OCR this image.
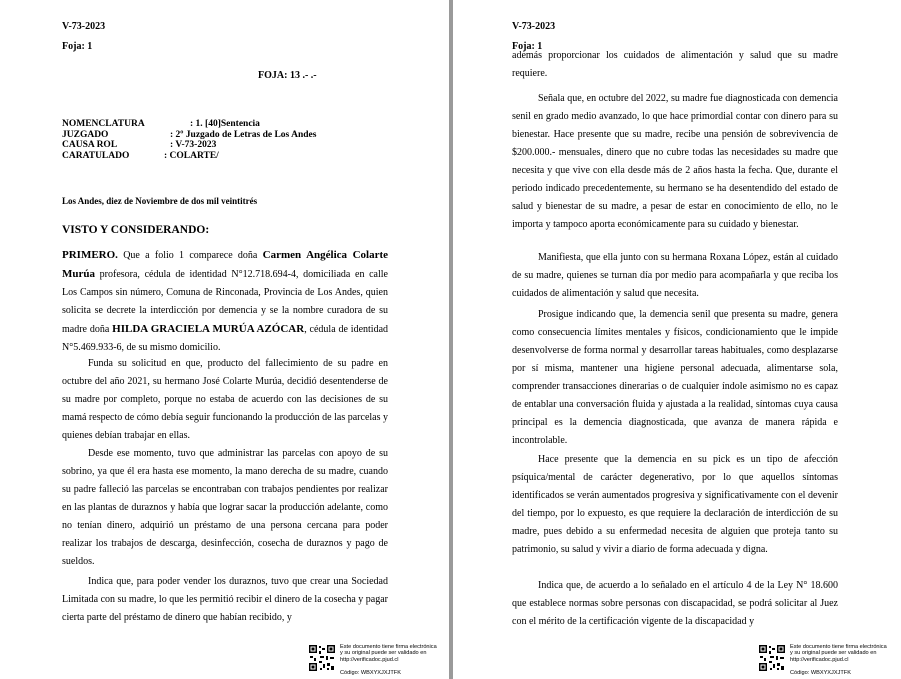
V-73-2023
Foja: 1
FOJA: 13 .- .-
NOMENCLATURA	: 1. [40]Sentencia
JUZGADO	: 2º Juzgado de Letras de Los Andes
CAUSA ROL	: V-73-2023
CARATULADO	: COLARTE/
Los Andes, diez de Noviembre de dos mil veintitrés
VISTO Y CONSIDERANDO:
PRIMERO. Que a folio 1 comparece doña Carmen Angélica Colarte Murúa profesora, cédula de identidad N°12.718.694-4, domiciliada en calle Los Campos sin número, Comuna de Rinconada, Provincia de Los Andes, quien solicita se decrete la interdicción por demencia y se la nombre curadora de su madre doña HILDA GRACIELA MURÚA AZÓCAR, cédula de identidad N°5.469.933-6, de su mismo domicilio.
Funda su solicitud en que, producto del fallecimiento de su padre en octubre del año 2021, su hermano José Colarte Murúa, decidió desentenderse de su madre por completo, porque no estaba de acuerdo con las decisiones de su mamá respecto de cómo debía seguir funcionando la producción de las parcelas y quienes debían trabajar en ellas.
Desde ese momento, tuvo que administrar las parcelas con apoyo de su sobrino, ya que él era hasta ese momento, la mano derecha de su madre, cuando su padre falleció las parcelas se encontraban con trabajos pendientes por realizar en las plantas de duraznos y había que lograr sacar la producción adelante, como no tenían dinero, adquirió un préstamo de una persona cercana para poder realizar los trabajos de descarga, desinfección, cosecha de duraznos y pago de sueldos.
Indica que, para poder vender los duraznos, tuvo que crear una Sociedad Limitada con su madre, lo que les permitió recibir el dinero de la cosecha y pagar cierta parte del préstamo de dinero que habían recibido, y
Este documento tiene firma electrónica
y su original puede ser validado en
http://verificadoc.pjud.cl
Código: WBXYXJXJTFK
V-73-2023
Foja: 1
además proporcionar los cuidados de alimentación y salud que su madre requiere.
Señala que, en octubre del 2022, su madre fue diagnosticada con demencia senil en grado medio avanzado, lo que hace primordial contar con dinero para su bienestar. Hace presente que su madre, recibe una pensión de sobrevivencia de $200.000.- mensuales, dinero que no cubre todas las necesidades su madre que necesita y que vive con ella desde más de 2 años hasta la fecha. Que, durante el periodo indicado precedentemente, su hermano se ha desentendido del estado de salud y bienestar de su madre, a pesar de estar en conocimiento de ello, no le importa y tampoco aporta económicamente para su cuidado y bienestar.
Manifiesta, que ella junto con su hermana Roxana López, están al cuidado de su madre, quienes se turnan día por medio para acompañarla y que reciba los cuidados de alimentación y salud que necesita.
Prosigue indicando que, la demencia senil que presenta su madre, genera como consecuencia límites mentales y físicos, condicionamiento que le impide desenvolverse de forma normal y desarrollar tareas habituales, como desplazarse por sí misma, mantener una higiene personal adecuada, alimentarse sola, comprender transacciones dinerarias o de cualquier índole asimismo no es capaz de entablar una conversación fluida y ajustada a la realidad, síntomas cuya causa principal es la demencia diagnosticada, que avanza de manera rápida e incontrolable.
Hace presente que la demencia en su pick es un tipo de afección psíquica/mental de carácter degenerativo, por lo que aquellos síntomas identificados se verán aumentados progresiva y significativamente con el devenir del tiempo, por lo expuesto, es que requiere la declaración de interdicción de su madre, pues debido a su enfermedad necesita de alguien que proteja tanto su patrimonio, su salud y vivir a diario de forma adecuada y digna.
Indica que, de acuerdo a lo señalado en el artículo 4 de la Ley N° 18.600 que establece normas sobre personas con discapacidad, se podrá solicitar al Juez con el mérito de la certificación vigente de la discapacidad y
Este documento tiene firma electrónica
y su original puede ser validado en
http://verificadoc.pjud.cl
Código: WBXYXJXJTFK
